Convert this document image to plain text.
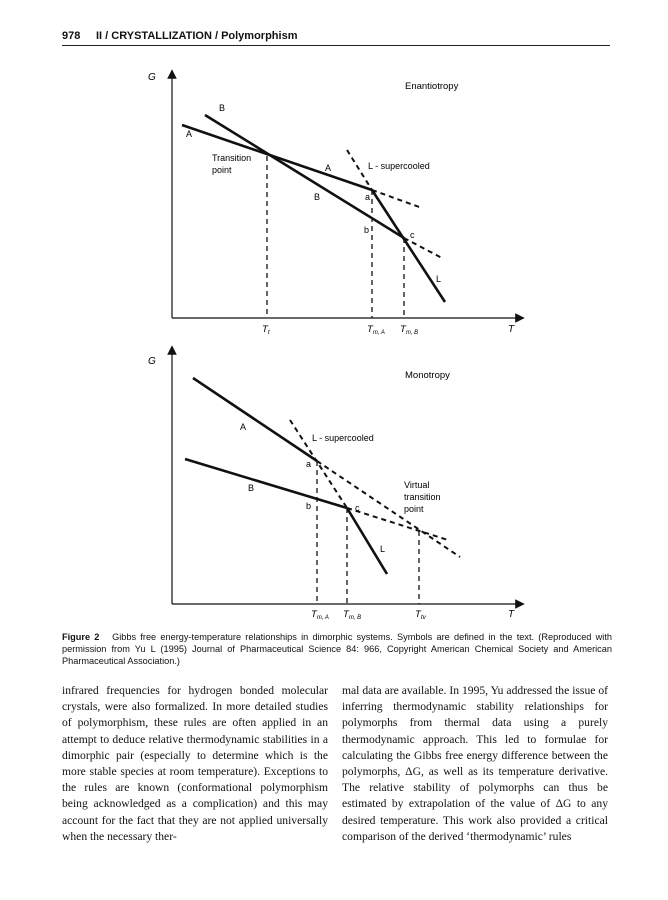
978 II / CRYSTALLIZATION / Polymorphism
G
Enantiotropy
B
A
Transition point	A
B
L - supercooled
a
b	c
L
$T_t$	$T_{m, A}$ $T_{m, B}$	T
G
Monotropy
A
B
L - supercooled
a
b	c
L
Virtual transition point
$T_{m, A}$ $T_{m, B}$	$T_{tv}$	T
Figure 2 Gibbs free energy-temperature relationships in dimorphic systems. Symbols are defined in the text. (Reproduced with permission from Yu L (1995) Journal of Pharmaceutical Science 84: 966, Copyright American Chemical Society and American Pharmaceutical Association.)
infrared frequencies for hydrogen bonded molecular crystals, were also formalized. In more detailed studies of polymorphism, these rules are often applied in an attempt to deduce relative thermodynamic stabilities in a dimorphic pair (especially to determine which is the more stable species at room temperature). Exceptions to the rules are known (conformational polymorphism being acknowledged as a complication) and this may account for the fact that they are not applied universally when the necessary ther-
mal data are available. In 1995, Yu addressed the issue of inferring thermodynamic stability relationships for polymorphs from thermal data using a purely thermodynamic approach. This led to formulae for calculating the Gibbs free energy difference between the polymorphs, ΔG, as well as its temperature derivative. The relative stability of polymorphs can thus be estimated by extrapolation of the value of ΔG to any desired temperature. This work also provided a critical comparison of the derived ‘thermodynamic’ rules
